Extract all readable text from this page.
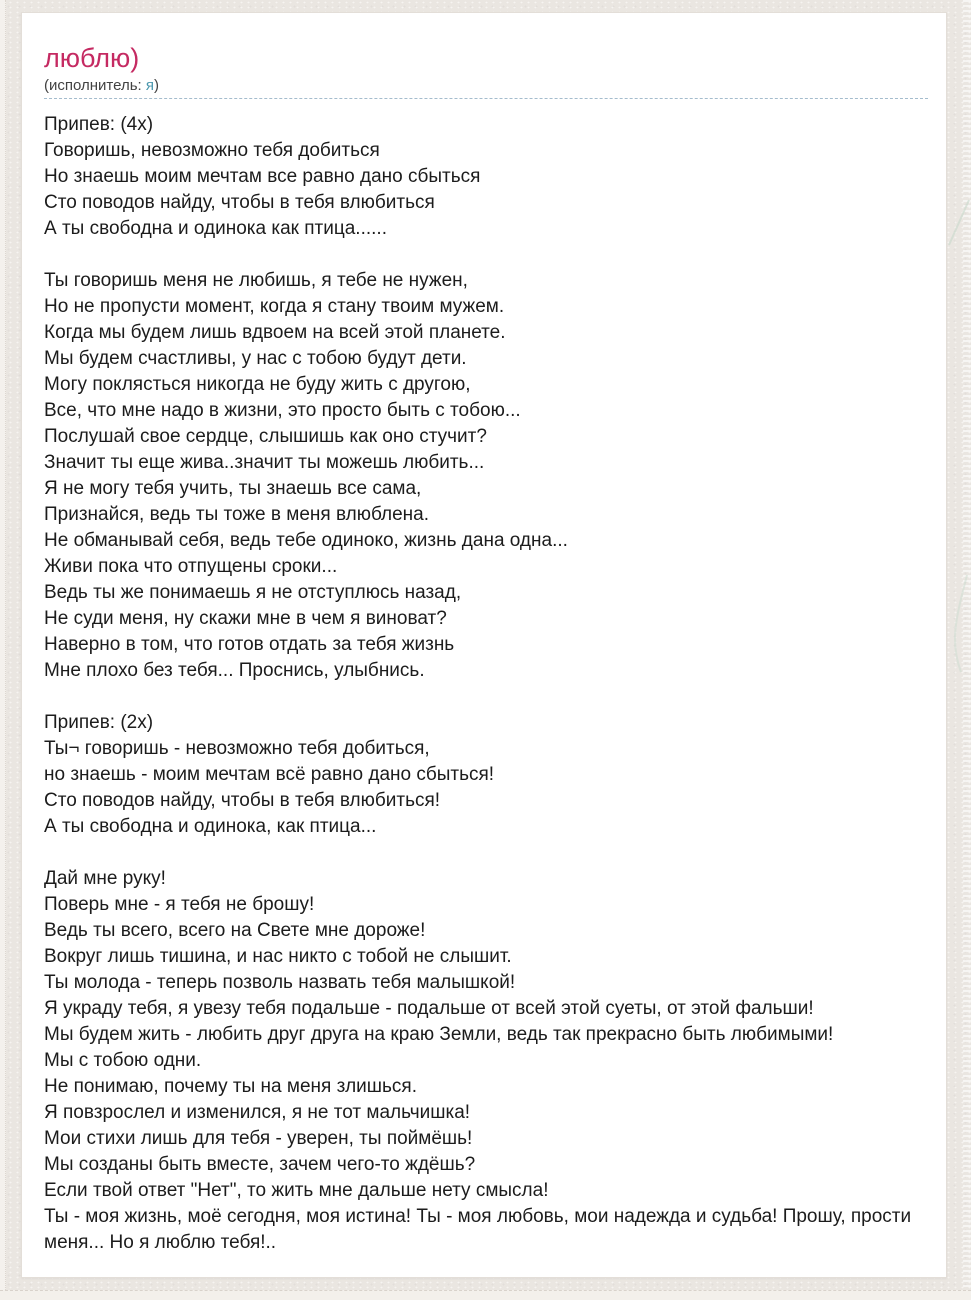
люблю)
(исполнитель: я)
Припев: (4х)
Говоришь, невозможно тебя добиться
Но знаешь моим мечтам все равно дано сбыться
Сто поводов найду, чтобы в тебя влюбиться
А ты свободна и одинока как птица......
Ты говоришь меня не любишь, я тебе не нужен,
Но не пропусти момент, когда я стану твоим мужем.
Когда мы будем лишь вдвоем на всей этой планете.
Мы будем счастливы, у нас с тобою будут дети.
Могу поклясться никогда не буду жить с другою,
Все, что мне надо в жизни, это просто быть с тобою...
Послушай свое сердце, слышишь как оно стучит?
Значит ты еще жива..значит ты можешь любить...
Я не могу тебя учить, ты знаешь все сама,
Признайся, ведь ты тоже в меня влюблена.
Не обманывай себя, ведь тебе одиноко, жизнь дана одна...
Живи пока что отпущены сроки...
Ведь ты же понимаешь я не отступлюсь назад,
Не суди меня, ну скажи мне в чем я виноват?
Наверно в том, что готов отдать за тебя жизнь
Мне плохо без тебя... Проснись, улыбнись.
Припев: (2х)
Ты¬ говоришь - невозможно тебя добиться,
но знаешь - моим мечтам всё равно дано сбыться!
Сто поводов найду, чтобы в тебя влюбиться!
А ты свободна и одинока, как птица...
Дай мне руку!
Поверь мне - я тебя не брошу!
Ведь ты всего, всего на Свете мне дороже!
Вокруг лишь тишина, и нас никто с тобой не слышит.
Ты молода - теперь позволь назвать тебя малышкой!
Я украду тебя, я увезу тебя подальше - подальше от всей этой суеты, от этой фальши!
Мы будем жить - любить друг друга на краю Земли, ведь так прекрасно быть любимыми!
Мы с тобою одни.
Не понимаю, почему ты на меня злишься.
Я повзрослел и изменился, я не тот мальчишка!
Мои стихи лишь для тебя - уверен, ты поймёшь!
Мы созданы быть вместе, зачем чего-то ждёшь?
Если твой ответ "Нет", то жить мне дальше нету смысла!
Ты - моя жизнь, моё сегодня, моя истина! Ты - моя любовь, мои надежда и судьба! Прошу, прости меня... Но я люблю тебя!..
